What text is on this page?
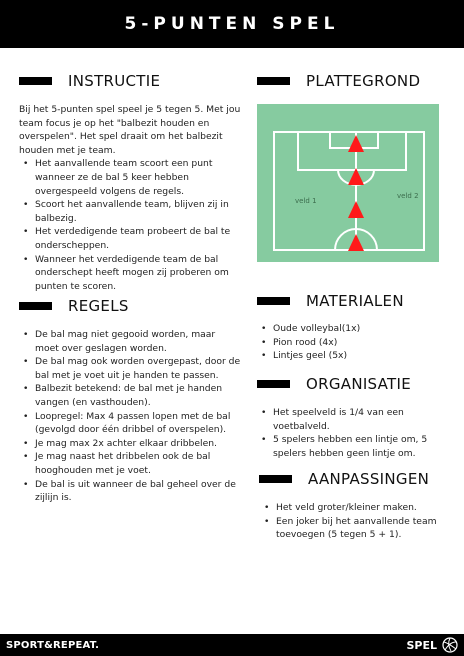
5-PUNTEN SPEL
INSTRUCTIE

Bij het 5-punten spel speel je 5 tegen 5. Met jou team focus je op het "balbezit houden en overspelen". Het spel draait om het balbezit houden met je team.

• Het aanvallende team scoort een punt wanneer ze de bal 5 keer hebben overgespeeld volgens de regels.
• Scoort het aanvallende team, blijven zij in balbezig.
• Het verdedigende team probeert de bal te onderscheppen.
• Wanneer het verdedigende team de bal onderschept heeft mogen zij proberen om punten te scoren.
REGELS
• De bal mag niet gegooid worden, maar moet over geslagen worden.
• De bal mag ook worden overgepast, door de bal met je voet uit je handen te passen.
• Balbezit betekend: de bal met je handen vangen (en vasthouden).
• Loopregel: Max 4 passen lopen met de bal (gevolgd door één dribbel of overspelen).
• Je mag max 2x achter elkaar dribbelen.
• Je mag naast het dribbelen ook de bal hooghouden met je voet.
• De bal is uit wanneer de bal geheel over de zijlijn is.
PLATTEGROND
veld 1
veld 2
MATERIALEN
• Oude volleybal(1x)
• Pion rood (4x)
• Lintjes geel (5x)
ORGANISATIE
• Het speelveld is 1/4 van een voetbalveld.
• 5 spelers hebben een lintje om, 5 spelers hebben geen lintje om.
AANPASSINGEN
• Het veld groter/kleiner maken.
• Een joker bij het aanvallende team toevoegen (5 tegen 5 + 1).
SPORT&REPEAT.	SPEL
